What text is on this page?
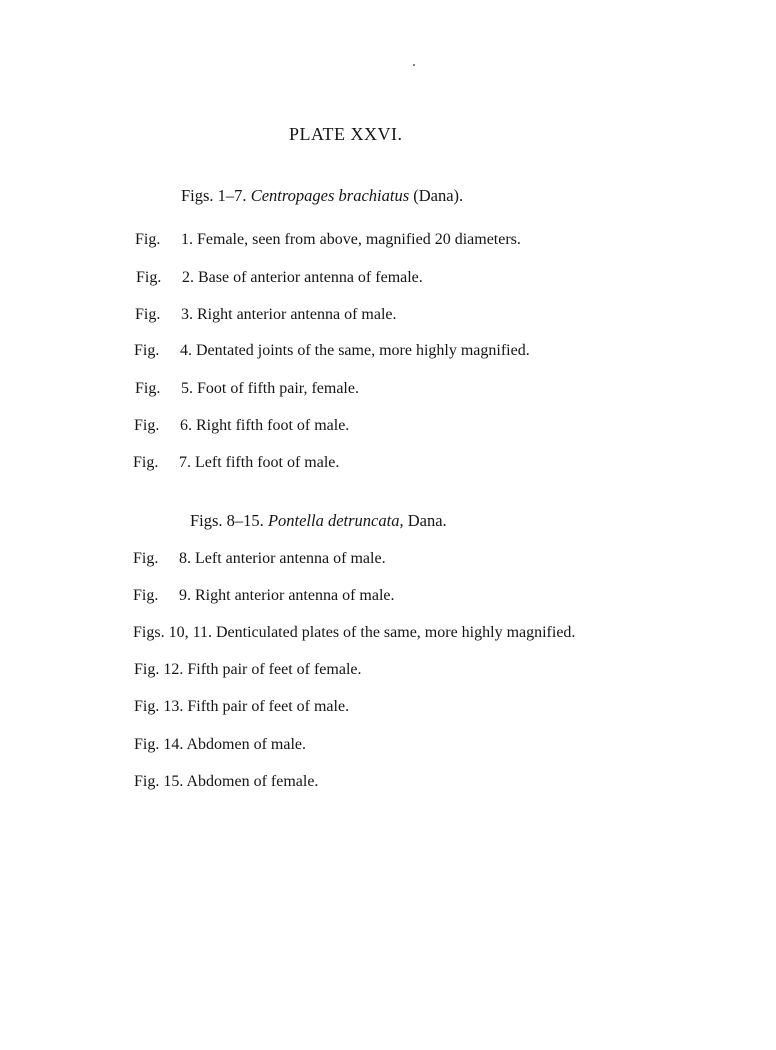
PLATE XXVI.
Figs. 1–7. Centropages brachiatus (Dana).
Fig. 1. Female, seen from above, magnified 20 diameters.
Fig. 2. Base of anterior antenna of female.
Fig. 3. Right anterior antenna of male.
Fig. 4. Dentated joints of the same, more highly magnified.
Fig. 5. Foot of fifth pair, female.
Fig. 6. Right fifth foot of male.
Fig. 7. Left fifth foot of male.
Figs. 8–15. Pontella detruncata, Dana.
Fig. 8. Left anterior antenna of male.
Fig. 9. Right anterior antenna of male.
Figs. 10, 11. Denticulated plates of the same, more highly magnified.
Fig. 12. Fifth pair of feet of female.
Fig. 13. Fifth pair of feet of male.
Fig. 14. Abdomen of male.
Fig. 15. Abdomen of female.
